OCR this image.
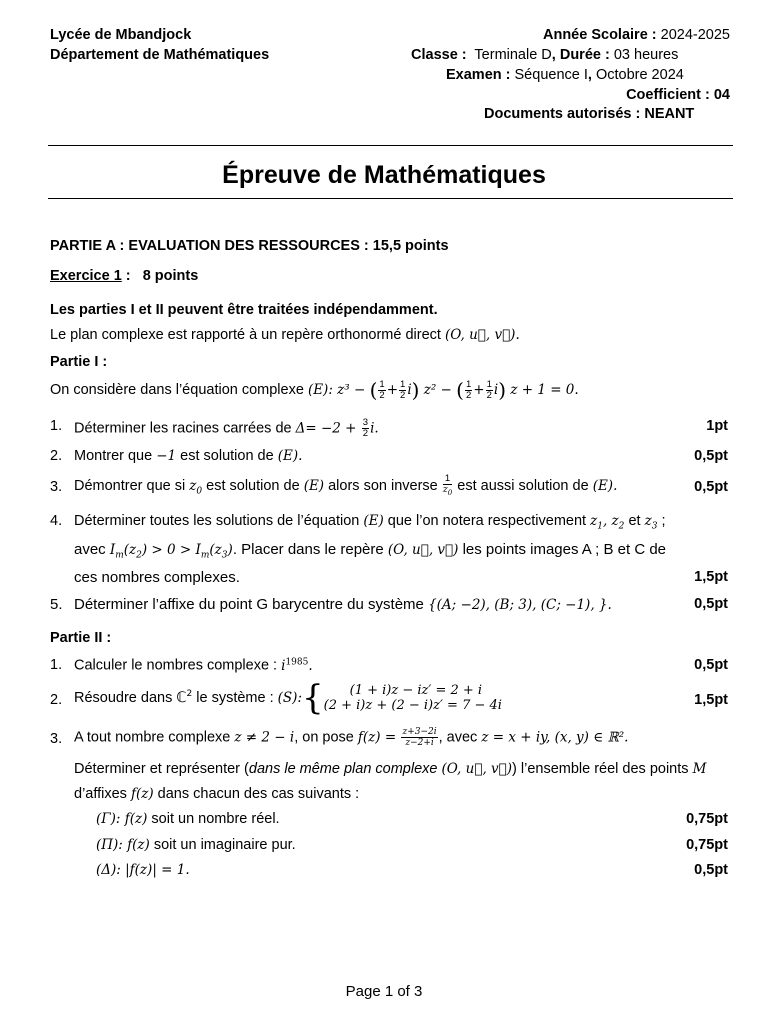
Lycée de Mbandjock
Département de Mathématiques
Année Scolaire : 2024-2025
Classe : Terminale D, Durée : 03 heures
Examen : Séquence I, Octobre 2024
Coefficient : 04
Documents autorisés : NEANT
Épreuve de Mathématiques
PARTIE A : EVALUATION DES RESSOURCES : 15,5 points
Exercice 1 :   8 points
Les parties I et II peuvent être traitées indépendamment.
Le plan complexe est rapporté à un repère orthonormé direct (O, u⃗, v⃗).
Partie I :
On considère dans l’équation complexe (E): z³ − ( $\frac{1}{2} + \frac{1}{2} i$) z² − ( $\frac{1}{2} + \frac{1}{2} i$) z + 1 = 0.
1. Déterminer les racines carrées de $\Delta= -2 + \frac{3}{2} i$.	1pt
2. Montrer que −1 est solution de (E).	0,5pt
3. Démontrer que si $z_0$ est solution de (E) alors son inverse $\frac{1}{z_0}$ est aussi solution de (E).	0,5pt
4. Déterminer toutes les solutions de l’équation (E) que l’on notera respectivement $z_1$, $z_2$ et $z_3$ ;
avec $I_m(z_2) > 0 > I_m(z_3)$. Placer dans le repère (O, u⃗, v⃗) les points images A ; B et C de
ces nombres complexes.	1,5pt
5. Déterminer l’affixe du point G barycentre du système {(A; −2), (B; 3), (C; −1), }.	0,5pt
Partie II :
1. Calculer le nombres complexe : $i^{1985}$.	0,5pt
2. Résoudre dans ℂ$^2$ le système : (S):{	(1 + i)z − iz′ = 2 + i
(2 + i)z + (2 − i)z′ = 7 − 4i	1,5pt
3. A tout nombre complexe z ≠ 2 − i, on pose $f(z) = \frac{z+3-2i}{z-2+i}$ , avec z = x + iy, (x, y) ∈ ℝ².
Déterminer et représenter (dans le même plan complexe (O, u⃗, v⃗)) l’ensemble réel des points M
d’affixes f(z) dans chacun des cas suivants :
(Γ): f(z) soit un nombre réel.	0,75pt
(Π): f(z) soit un imaginaire pur.	0,75pt
(Δ): |f(z)| = 1.	0,5pt
Page 1 of 3
